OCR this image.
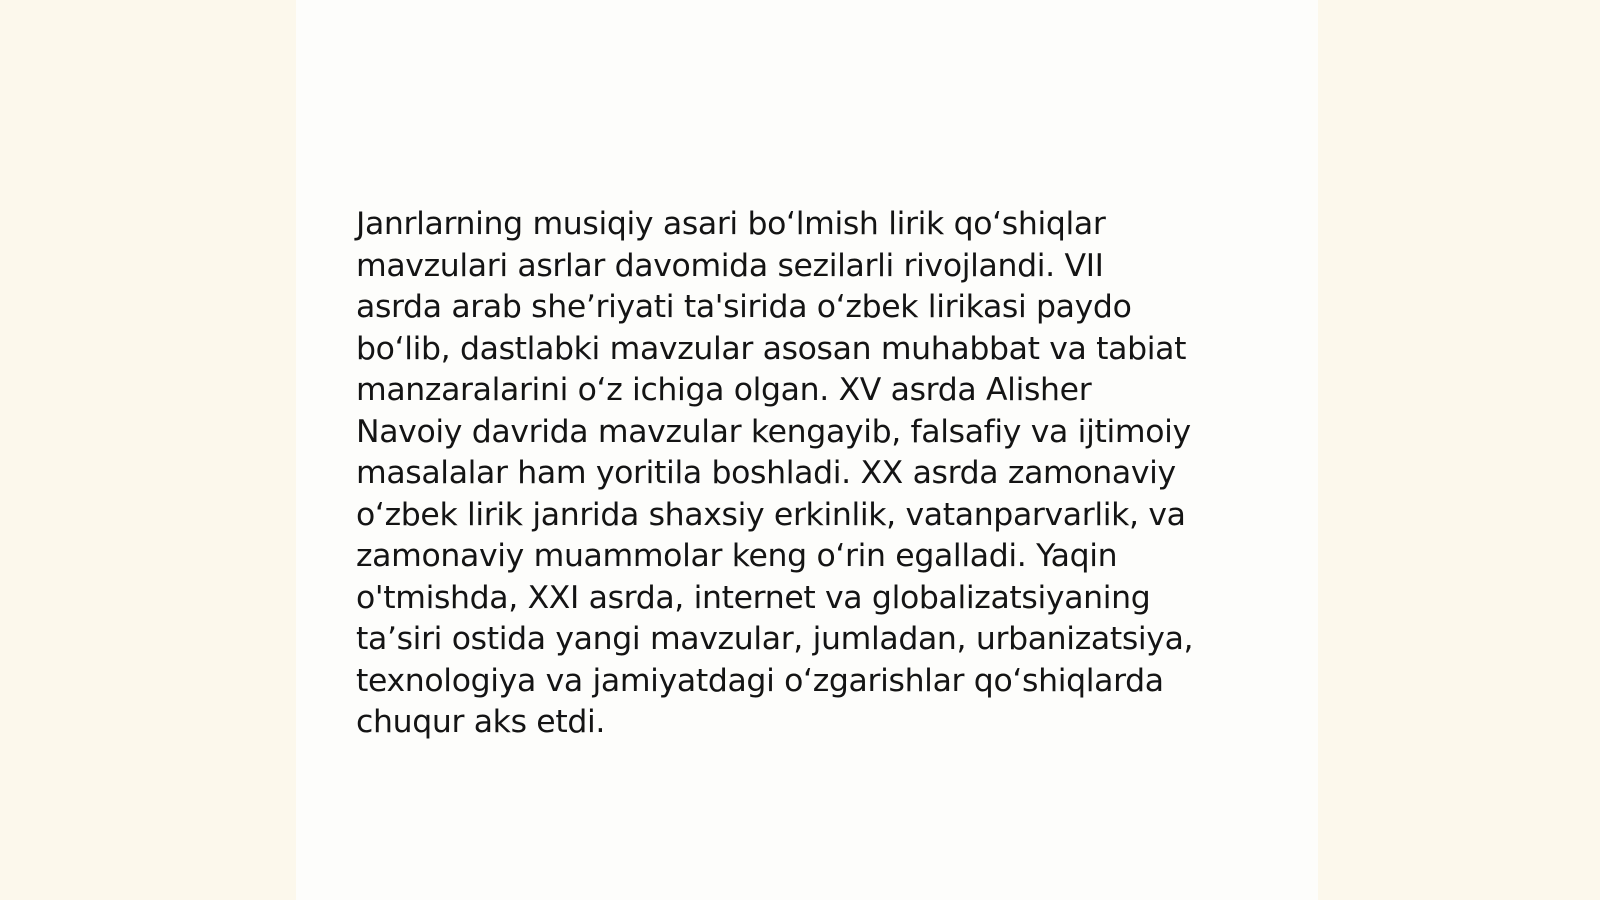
Janrlarning musiqiy asari bo‘lmish lirik qo‘shiqlar
mavzulari asrlar davomida sezilarli rivojlandi. VII
asrda arab she’riyati ta'sirida o‘zbek lirikasi paydo
bo‘lib, dastlabki mavzular asosan muhabbat va tabiat
manzaralarini o‘z ichiga olgan. XV asrda Alisher
Navoiy davrida mavzular kengayib, falsafiy va ijtimoiy
masalalar ham yoritila boshladi. XX asrda zamonaviy
o‘zbek lirik janrida shaxsiy erkinlik, vatanparvarlik, va
zamonaviy muammolar keng o‘rin egalladi. Yaqin
o'tmishda, XXI asrda, internet va globalizatsiyaning
ta’siri ostida yangi mavzular, jumladan, urbanizatsiya,
texnologiya va jamiyatdagi o‘zgarishlar qo‘shiqlarda
chuqur aks etdi.
